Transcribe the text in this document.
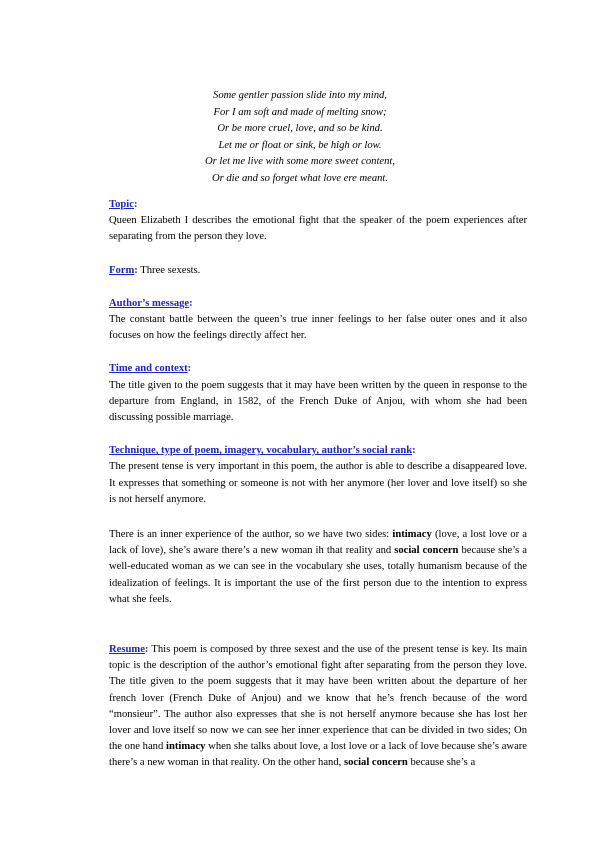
Some gentler passion slide into my mind,
For I am soft and made of melting snow;
Or be more cruel, love, and so be kind.
Let me or float or sink, be high or low.
Or let me live with some more sweet content,
Or die and so forget what love ere meant.
Topic:

Queen Elizabeth I describes the emotional fight that the speaker of the poem experiences after separating from the person they love.

Form: Three sexests.
Author’s message:

The constant battle between the queen’s true inner feelings to her false outer ones and it also focuses on how the feelings directly affect her.

Time and context:

The title given to the poem suggests that it may have been written by the queen in response to the departure from England, in 1582, of the French Duke of Anjou, with whom she had been discussing possible marriage.

Technique, type of poem, imagery, vocabulary, author’s social rank:

The present tense is very important in this poem, the author is able to describe a disappeared love. It expresses that something or someone is not with her anymore (her lover and love itself) so she is not herself anymore.

There is an inner experience of the author, so we have two sides: intimacy (love, a lost love or a lack of love), she’s aware there’s a new woman ih that reality and social concern because she’s a well-educated woman as we can see in the vocabulary she uses, totally humanism because of the idealization of feelings. It is important the use of the first person due to the intention to express what she feels.

Resume: This poem is composed by three sexest and the use of the present tense is key. Its main topic is the description of the author’s emotional fight after separating from the person they love. The title given to the poem suggests that it may have been written about the departure of her french lover (French Duke of Anjou) and we know that he’s french because of the word “monsieur”. The author also expresses that she is not herself anymore because she has lost her lover and love itself so now we can see her inner experience that can be divided in two sides; On the one hand intimacy when she talks about love, a lost love or a lack of love because she’s aware there’s a new woman in that reality. On the other hand, social concern because she’s a
